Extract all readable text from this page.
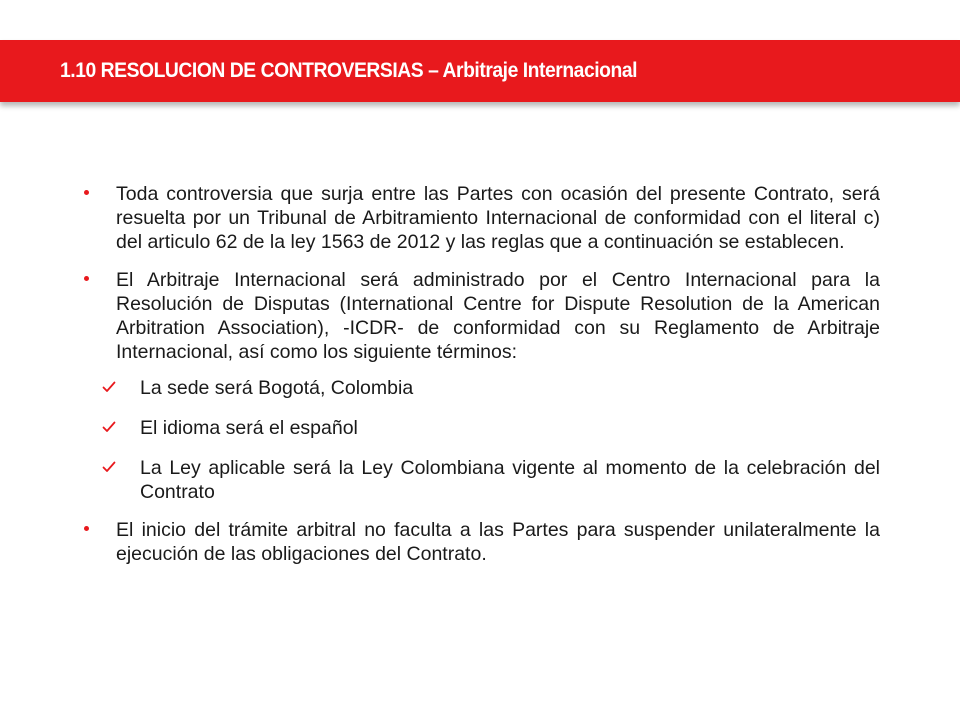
1.10 RESOLUCION DE CONTROVERSIAS – Arbitraje Internacional
Toda controversia que surja entre las Partes con ocasión del presente Contrato, será resuelta por un Tribunal de Arbitramiento Internacional de conformidad con el literal c) del articulo 62 de la ley 1563 de 2012 y las reglas que a continuación se establecen.
El Arbitraje Internacional será administrado por el Centro Internacional para la Resolución de Disputas (International Centre for Dispute Resolution de la American Arbitration Association), -ICDR- de conformidad con su Reglamento de Arbitraje Internacional, así como los siguiente términos:
La sede será Bogotá, Colombia
El idioma será el español
La Ley aplicable será la Ley Colombiana vigente al momento de la celebración del Contrato
El inicio del trámite arbitral no faculta a las Partes para suspender unilateralmente la ejecución de las obligaciones del Contrato.
